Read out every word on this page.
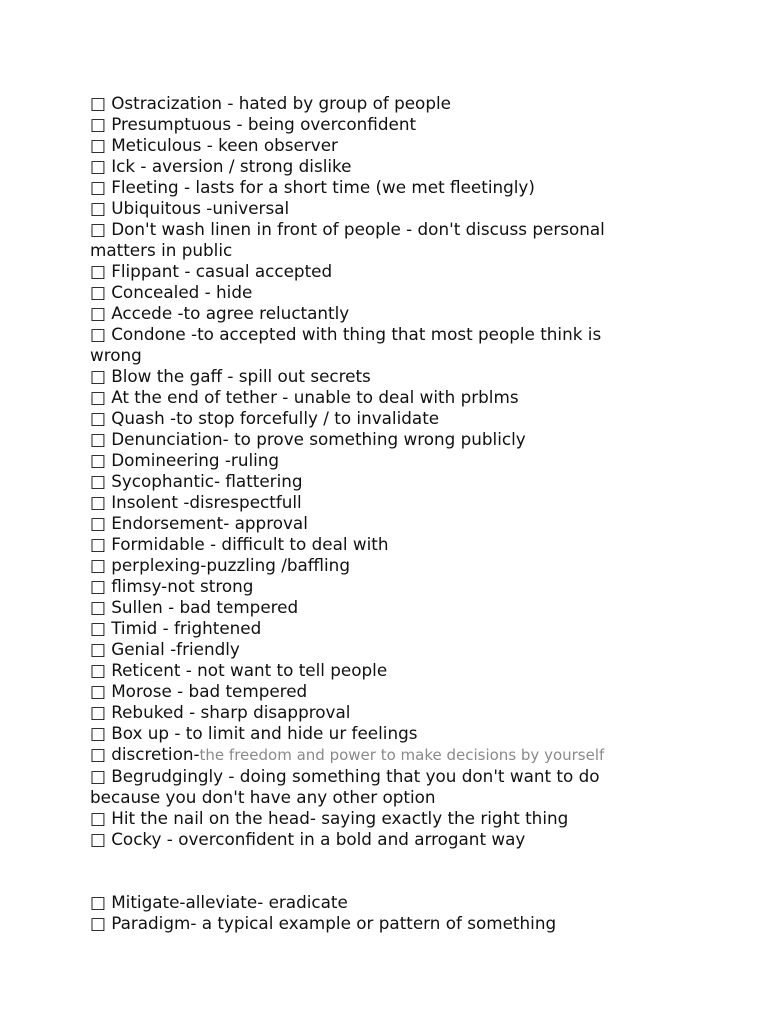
□ Ostracization - hated by group of people
□ Presumptuous - being overconfident
□ Meticulous - keen observer
□ Ick - aversion / strong dislike
□ Fleeting - lasts for a short time (we met fleetingly)
□ Ubiquitous -universal
□ Don't wash linen in front of people - don't discuss personal matters in public
□ Flippant - casual accepted
□ Concealed - hide
□ Accede -to agree reluctantly
□ Condone -to accepted with thing that most people think is wrong
□ Blow the gaff - spill out secrets
□ At the end of tether - unable to deal with prblms
□ Quash -to stop forcefully / to invalidate
□ Denunciation- to prove something wrong publicly
□ Domineering -ruling
□ Sycophantic- flattering
□ Insolent -disrespectfull
□ Endorsement- approval
□ Formidable - difficult to deal with
□ perplexing-puzzling /baffling
□ flimsy-not strong
□ Sullen - bad tempered
□ Timid - frightened
□ Genial -friendly
□ Reticent - not want to tell people
□ Morose - bad tempered
□ Rebuked - sharp disapproval
□ Box up - to limit and hide ur feelings
□ discretion-the freedom and power to make decisions by yourself
□ Begrudgingly - doing something that you don't want to do because you don't have any other option
□ Hit the nail on the head- saying exactly the right thing
□ Cocky - overconfident in a bold and arrogant way
□ Mitigate-alleviate- eradicate
□ Paradigm- a typical example or pattern of something
